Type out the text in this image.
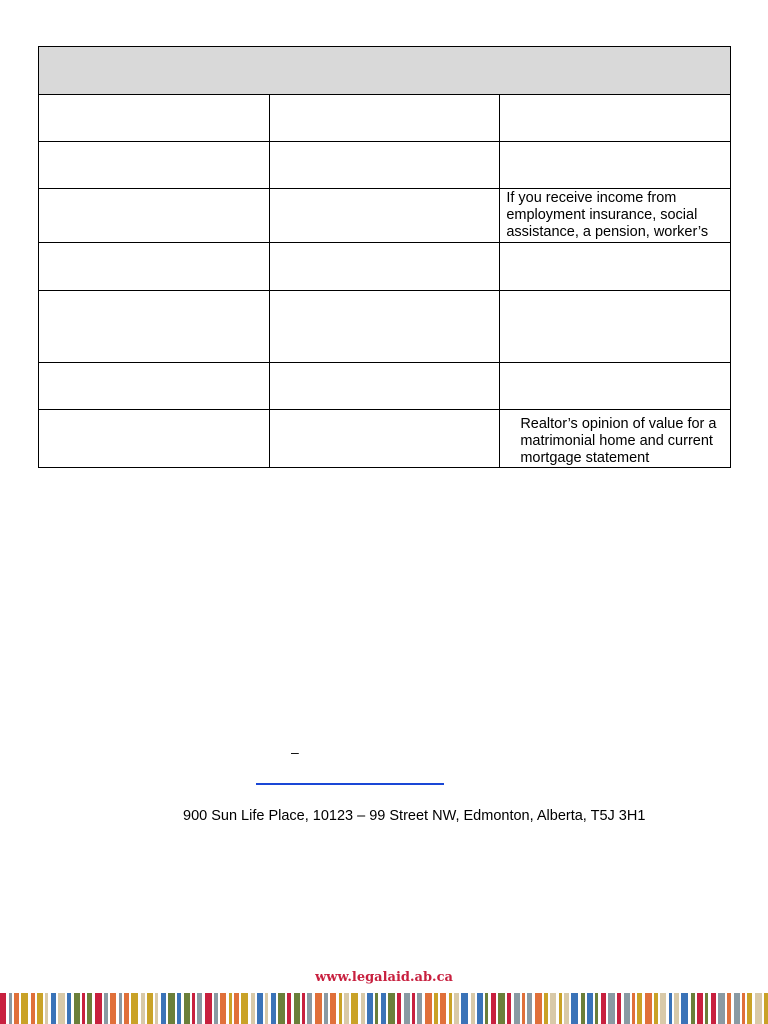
		If you receive income from employment insurance, social assistance, a pension, worker’s

		Realtor’s opinion of value for a matrimonial home and current mortgage statement
–
900 Sun Life Place, 10123 – 99 Street NW, Edmonton, Alberta, T5J 3H1
www.legalaid.ab.ca
